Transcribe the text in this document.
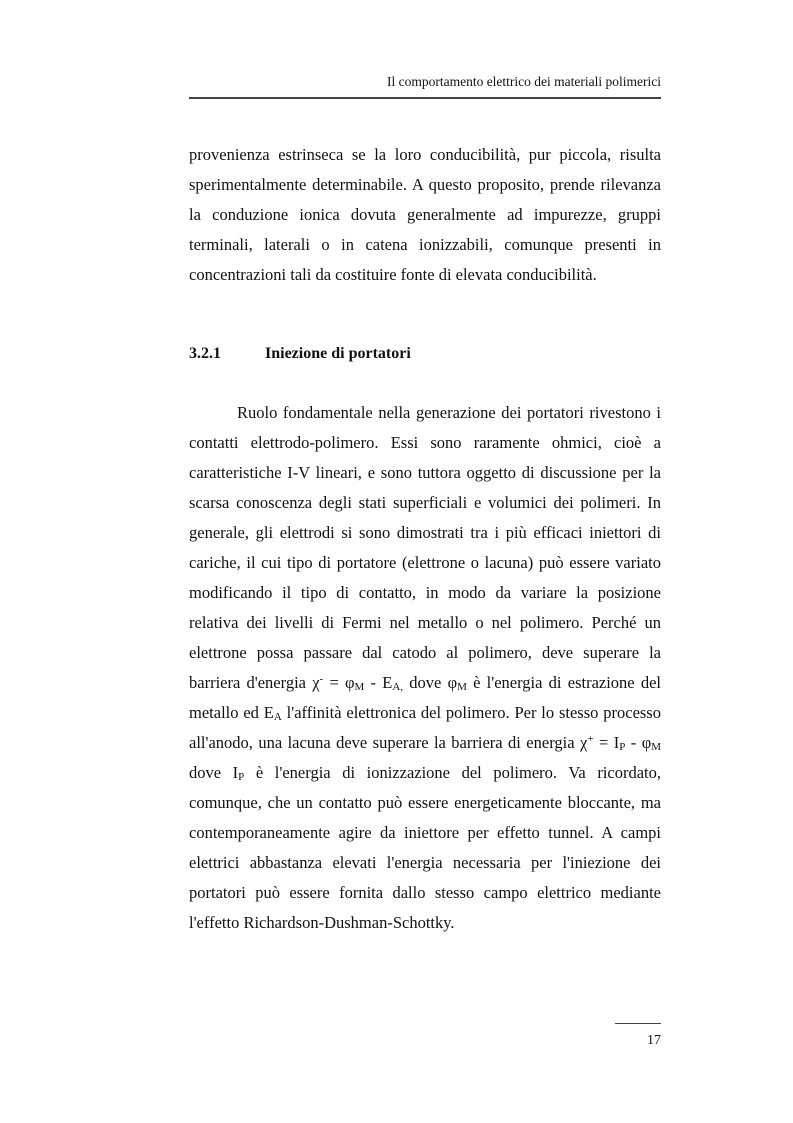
Il comportamento elettrico dei materiali polimerici
provenienza estrinseca se la loro conducibilità, pur piccola, risulta
sperimentalmente determinabile. A questo proposito, prende rilevanza
la conduzione ionica dovuta generalmente ad impurezze, gruppi
terminali, laterali o in catena ionizzabili, comunque presenti in
concentrazioni tali da costituire fonte di elevata conducibilità.
3.2.1	Iniezione di portatori
Ruolo fondamentale nella generazione dei portatori rivestono i
contatti elettrodo-polimero. Essi sono raramente ohmici, cioè a
caratteristiche I-V lineari, e sono tuttora oggetto di discussione per la
scarsa conoscenza degli stati superficiali e volumici dei polimeri. In
generale, gli elettrodi si sono dimostrati tra i più efficaci iniettori di
cariche, il cui tipo di portatore (elettrone o lacuna) può essere variato
modificando il tipo di contatto, in modo da variare la posizione
relativa dei livelli di Fermi nel metallo o nel polimero. Perché un
elettrone possa passare dal catodo al polimero, deve superare la
barriera d'energia $\chi^- = \varphi_M - E_{A,}$ dove $\varphi_M$ è l'energia di estrazione del
metallo ed $E_A$ l'affinità elettronica del polimero. Per lo stesso processo
all'anodo, una lacuna deve superare la barriera di energia $\chi^+ = I_P - \varphi_M$
dove $I_P$ è l'energia di ionizzazione del polimero. Va ricordato,
comunque, che un contatto può essere energeticamente bloccante, ma
contemporaneamente agire da iniettore per effetto tunnel. A campi
elettrici abbastanza elevati l'energia necessaria per l'iniezione dei
portatori può essere fornita dallo stesso campo elettrico mediante
l'effetto Richardson-Dushman-Schottky.
17
